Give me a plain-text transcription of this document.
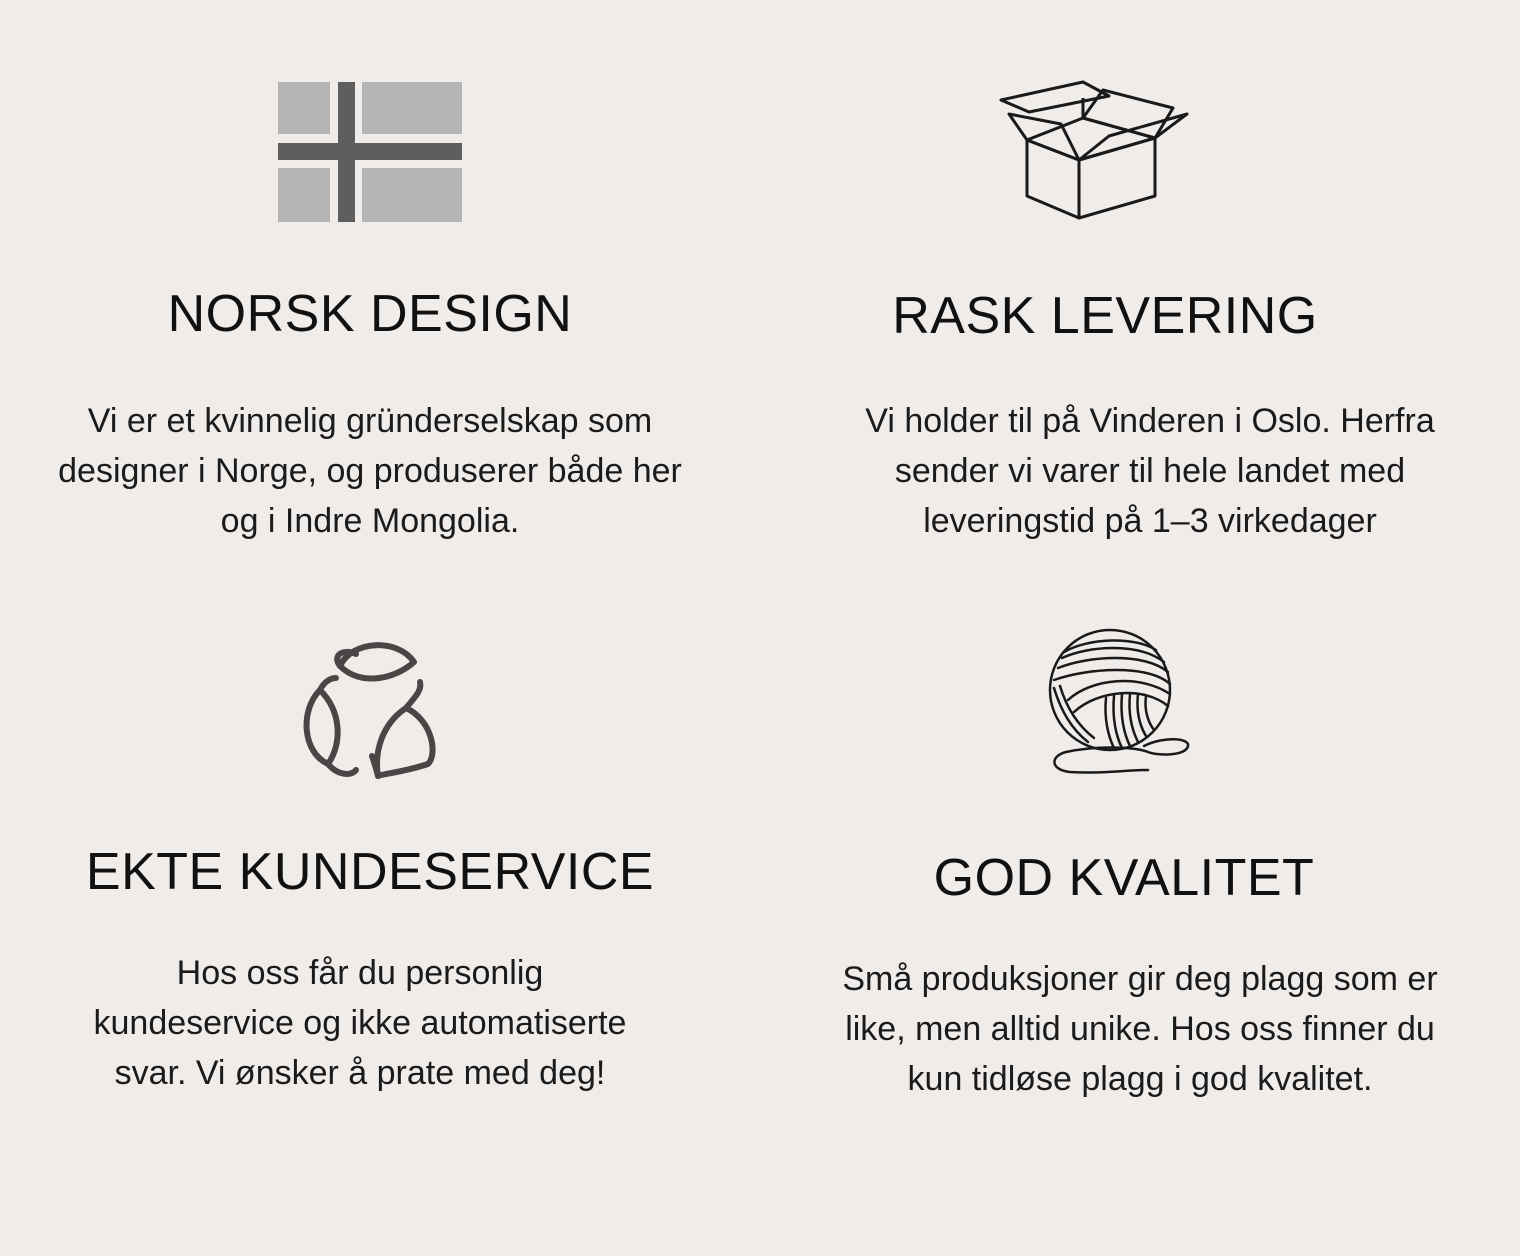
NORSK DESIGN

Vi er et kvinnelig gründerselskap som
designer i Norge, og produserer både her
og i Indre Mongolia.

RASK LEVERING

Vi holder til på Vinderen i Oslo. Herfra
sender vi varer til hele landet med
leveringstid på 1–3 virkedager

EKTE KUNDESERVICE

Hos oss får du personlig
kundeservice og ikke automatiserte
svar. Vi ønsker å prate med deg!

GOD KVALITET

Små produksjoner gir deg plagg som er
like, men alltid unike. Hos oss finner du
kun tidløse plagg i god kvalitet.
